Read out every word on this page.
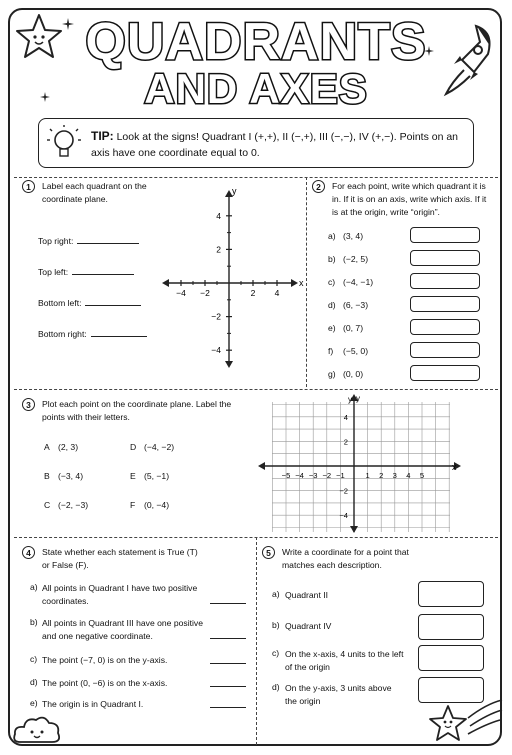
QUADRANTS
AND AXES
TIP: Look at the signs! Quadrant I (+,+), II (−,+), III (−,−), IV (+,−). Points on an axis have one coordinate equal to 0.
1	Label each quadrant on the coordinate plane.
Top right:
Top left:
Bottom left:
Bottom right:
−4 −2	2 4
4
2
−2
−4
x
y	2	For each point, write which quadrant it is in. If it is on an axis, write which axis. If it is at the origin, write “origin”.
a) (3, 4)
b) (−2, 5)
c) (−4, −1)
d) (6, −3)
e) (0, 7)
f) (−5, 0)
g) (0, 0)
3	Plot each point on the coordinate plane. Label the points with their letters.
A (2, 3)	D (−4, −2)
B (−3, 4)	E (5, −1)
C (−2, −3)	F (0, −4)
−5 −4 −3 −2 −1	1 2 3 4 5
4
2
−2
−4
x
y y
4	State whether each statement is True (T) or False (F).
a) All points in Quadrant I have two positive coordinates.
b) All points in Quadrant III have one positive and one negative coordinate.
c) The point (−7, 0) is on the y-axis.
d) The point (0, −6) is on the x-axis.
e) The origin is in Quadrant I.
5	Write a coordinate for a point that matches each description.
a) Quadrant II
b) Quadrant IV
c) On the x-axis, 4 units to the left of the origin
d) On the y-axis, 3 units above the origin
